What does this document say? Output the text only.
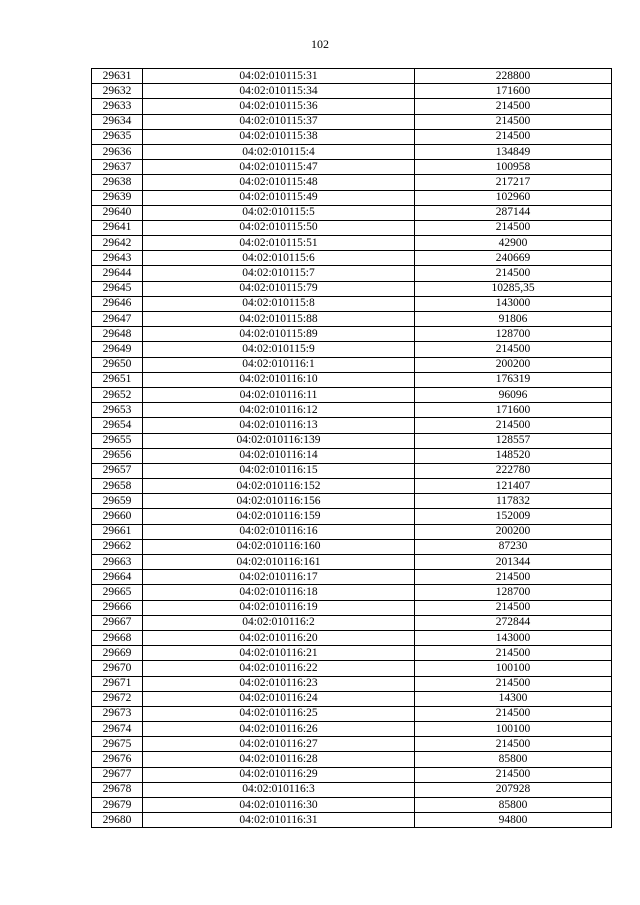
102
29631	04:02:010115:31	228800
29632	04:02:010115:34	171600
29633	04:02:010115:36	214500
29634	04:02:010115:37	214500
29635	04:02:010115:38	214500
29636	04:02:010115:4	134849
29637	04:02:010115:47	100958
29638	04:02:010115:48	217217
29639	04:02:010115:49	102960
29640	04:02:010115:5	287144
29641	04:02:010115:50	214500
29642	04:02:010115:51	42900
29643	04:02:010115:6	240669
29644	04:02:010115:7	214500
29645	04:02:010115:79	10285,35
29646	04:02:010115:8	143000
29647	04:02:010115:88	91806
29648	04:02:010115:89	128700
29649	04:02:010115:9	214500
29650	04:02:010116:1	200200
29651	04:02:010116:10	176319
29652	04:02:010116:11	96096
29653	04:02:010116:12	171600
29654	04:02:010116:13	214500
29655	04:02:010116:139	128557
29656	04:02:010116:14	148520
29657	04:02:010116:15	222780
29658	04:02:010116:152	121407
29659	04:02:010116:156	117832
29660	04:02:010116:159	152009
29661	04:02:010116:16	200200
29662	04:02:010116:160	87230
29663	04:02:010116:161	201344
29664	04:02:010116:17	214500
29665	04:02:010116:18	128700
29666	04:02:010116:19	214500
29667	04:02:010116:2	272844
29668	04:02:010116:20	143000
29669	04:02:010116:21	214500
29670	04:02:010116:22	100100
29671	04:02:010116:23	214500
29672	04:02:010116:24	14300
29673	04:02:010116:25	214500
29674	04:02:010116:26	100100
29675	04:02:010116:27	214500
29676	04:02:010116:28	85800
29677	04:02:010116:29	214500
29678	04:02:010116:3	207928
29679	04:02:010116:30	85800
29680	04:02:010116:31	94800
